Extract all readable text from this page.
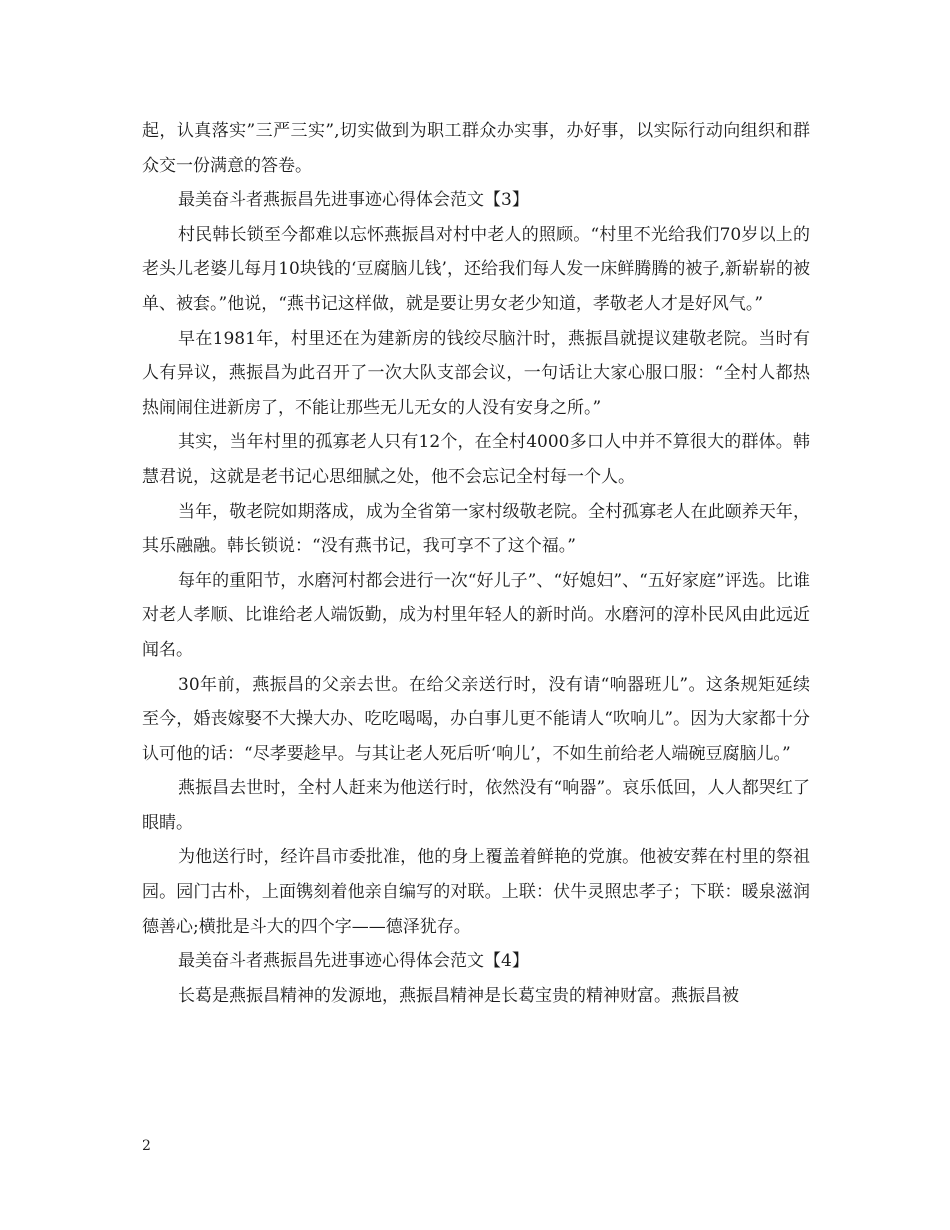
起，认真落实”三严三实”,切实做到为职工群众办实事，办好事，以实际行动向组织和群众交一份满意的答卷。

最美奋斗者燕振昌先进事迹心得体会范文【3】

村民韩长锁至今都难以忘怀燕振昌对村中老人的照顾。“村里不光给我们70岁以上的老头儿老婆儿每月10块钱的‘豆腐脑儿钱’，还给我们每人发一床鲜腾腾的被子,新崭崭的被单、被套。”他说，“燕书记这样做，就是要让男女老少知道，孝敬老人才是好风气。”

早在1981年，村里还在为建新房的钱绞尽脑汁时，燕振昌就提议建敬老院。当时有人有异议，燕振昌为此召开了一次大队支部会议，一句话让大家心服口服：“全村人都热热闹闹住进新房了，不能让那些无儿无女的人没有安身之所。”

其实，当年村里的孤寡老人只有12个，在全村4000多口人中并不算很大的群体。韩慧君说，这就是老书记心思细腻之处，他不会忘记全村每一个人。

当年，敬老院如期落成，成为全省第一家村级敬老院。全村孤寡老人在此颐养天年，其乐融融。韩长锁说：“没有燕书记，我可享不了这个福。”

每年的重阳节，水磨河村都会进行一次“好儿子”、“好媳妇”、“五好家庭”评选。比谁对老人孝顺、比谁给老人端饭勤，成为村里年轻人的新时尚。水磨河的淳朴民风由此远近闻名。

30年前，燕振昌的父亲去世。在给父亲送行时，没有请“响器班儿”。这条规矩延续至今，婚丧嫁娶不大操大办、吃吃喝喝，办白事儿更不能请人“吹响儿”。因为大家都十分认可他的话：“尽孝要趁早。与其让老人死后听‘响儿’，不如生前给老人端碗豆腐脑儿。”

燕振昌去世时，全村人赶来为他送行时，依然没有“响器”。哀乐低回，人人都哭红了眼睛。

为他送行时，经许昌市委批准，他的身上覆盖着鲜艳的党旗。他被安葬在村里的祭祖园。园门古朴，上面镌刻着他亲自编写的对联。上联：伏牛灵照忠孝子；下联：暖泉滋润德善心;横批是斗大的四个字——德泽犹存。

最美奋斗者燕振昌先进事迹心得体会范文【4】

长葛是燕振昌精神的发源地，燕振昌精神是长葛宝贵的精神财富。燕振昌被

2
